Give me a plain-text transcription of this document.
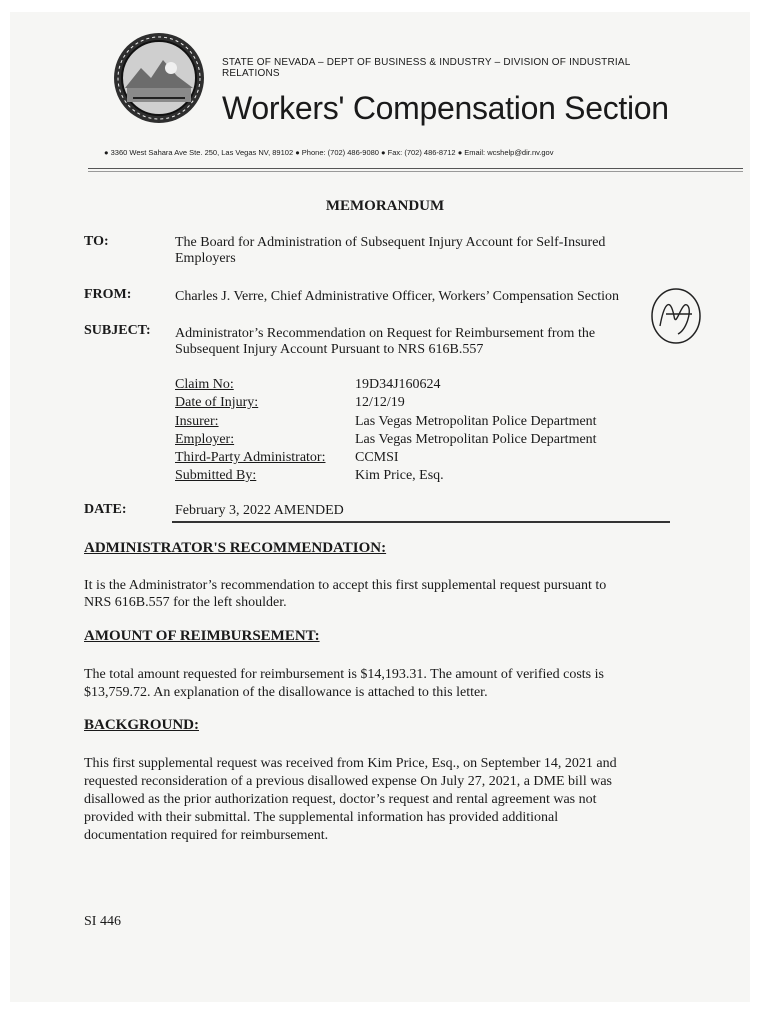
STATE OF NEVADA – DEPT OF BUSINESS & INDUSTRY – DIVISION OF INDUSTRIAL RELATIONS
Workers' Compensation Section
● 3360 West Sahara Ave Ste. 250, Las Vegas NV, 89102 ● Phone: (702) 486-9080 ● Fax: (702) 486-8712 ● Email: wcshelp@dir.nv.gov
MEMORANDUM
TO:	The Board for Administration of Subsequent Injury Account for Self-Insured
Employers
FROM:	Charles J. Verre, Chief Administrative Officer, Workers’ Compensation Section
SUBJECT: Administrator’s Recommendation on Request for Reimbursement from the
Subsequent Injury Account Pursuant to NRS 616B.557
Claim No:	19D34J160624
Date of Injury:	12/12/19
Insurer:	Las Vegas Metropolitan Police Department
Employer:	Las Vegas Metropolitan Police Department
Third-Party Administrator: CCMSI
Submitted By:	Kim Price, Esq.
DATE:	February 3, 2022 AMENDED
ADMINISTRATOR'S RECOMMENDATION:
It is the Administrator’s recommendation to accept this first supplemental request pursuant to
NRS 616B.557 for the left shoulder.
AMOUNT OF REIMBURSEMENT:
The total amount requested for reimbursement is $14,193.31. The amount of verified costs is
$13,759.72. An explanation of the disallowance is attached to this letter.
BACKGROUND:
This first supplemental request was received from Kim Price, Esq., on September 14, 2021 and
requested reconsideration of a previous disallowed expense On July 27, 2021, a DME bill was
disallowed as the prior authorization request, doctor’s request and rental agreement was not
provided with their submittal. The supplemental information has provided additional
documentation required for reimbursement.
SI 446
